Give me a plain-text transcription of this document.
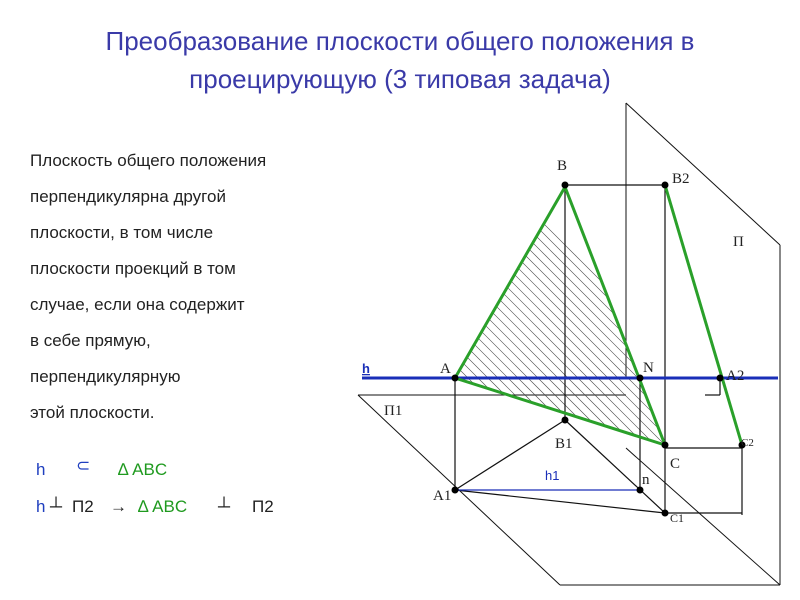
Преобразование плоскости общего положения в
проецирующую (3 типовая задача)
Плоскость общего положения
перпендикулярна другой
плоскости, в том числе
плоскости проекций в том
случае, если она содержит
в себе прямую,
перпендикулярную
этой плоскости.
h ⊂ ∆ ABC
h ┴ П2 → ∆ ABC ┴ П2
B
B2
П
h	A	N	A2
П1
B1	C2
C
h1	n
A1
C1
